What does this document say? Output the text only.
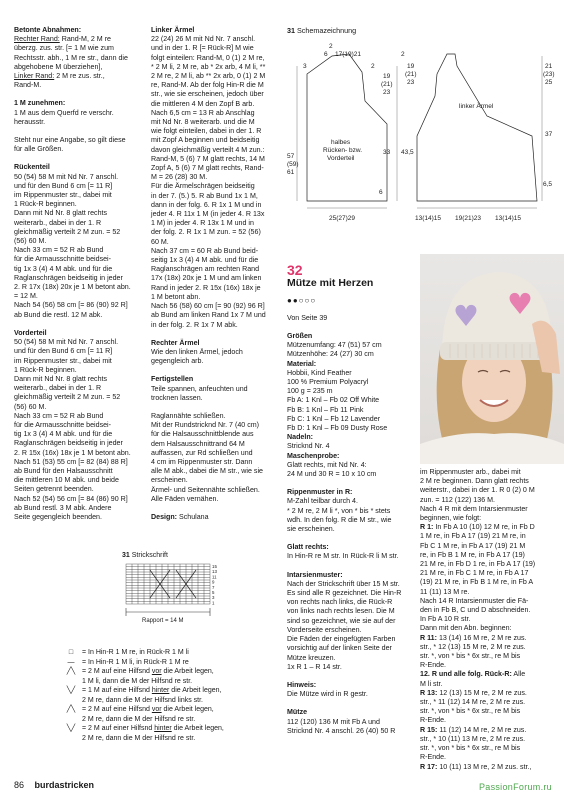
Betonte Abnahmen:
Rechter Rand: Rand-M, 2 M re
überzg. zus. str. [= 1 M wie zum
Rechtsstr. abh., 1 M re str., dann die
abgehobene M überziehen],
Linker Rand: 2 M re zus. str.,
Rand-M.
1 M zunehmen:
1 M aus dem Querfd re verschr.
herausstr.
Steht nur eine Angabe, so gilt diese
für alle Größen.
Rückenteil
50 (54) 58 M mit Nd Nr. 7 anschl.
und für den Bund 6 cm [= 11 R]
im Rippenmuster str., dabei mit
1 Rück-R beginnen.
Dann mit Nd Nr. 8 glatt rechts
weiterarb., dabei in der 1. R
gleichmäßig verteilt 2 M zun. = 52
(56) 60 M.
Nach 33 cm = 52 R ab Bund
für die Armausschnitte beidsei-
tig 1x 3 (4) 4 M abk. und für die
Raglanschrägen beidseitig in jeder
2. R 17x (18x) 20x je 1 M betont abn.
= 12 M.
Nach 54 (56) 58 cm [= 86 (90) 92 R]
ab Bund die restl. 12 M abk.
Vorderteil
50 (54) 58 M mit Nd Nr. 7 anschl.
und für den Bund 6 cm [= 11 R]
im Rippenmuster str., dabei mit
1 Rück-R beginnen.
Dann mit Nd Nr. 8 glatt rechts
weiterarb., dabei in der 1. R
gleichmäßig verteilt 2 M zun. = 52
(56) 60 M.
Nach 33 cm = 52 R ab Bund
für die Armausschnitte beidsei-
tig 1x 3 (4) 4 M abk. und für die
Raglanschrägen beidseitig in jeder
2. R 15x (16x) 18x je 1 M betont abn.
Nach 51 (53) 55 cm [= 82 (84) 88 R]
ab Bund für den Halsausschnitt
die mittleren 10 M abk. und beide
Seiten getrennt beenden.
Nach 52 (54) 56 cm [= 84 (86) 90 R]
ab Bund restl. 3 M abk. Andere
Seite gegengleich beenden.
Linker Ärmel
22 (24) 26 M mit Nd Nr. 7 anschl.
und in der 1. R [= Rück-R] M wie
folgt einteilen: Rand-M, 0 (1) 2 M re,
* 2 M li, 2 M re, ab * 2x arb, 4 M li, **
2 M re, 2 M li, ab ** 2x arb, 0 (1) 2 M
re, Rand-M. Ab der folg Hin-R die M
str., wie sie erscheinen, jedoch über
die mittleren 4 M den Zopf B arb.
Nach 6,5 cm = 13 R ab Anschlag
mit Nd Nr. 8 weiterarb. und die M
wie folgt einteilen, dabei in der 1. R
mit Zopf A beginnen und beidseitig
davon gleichmäßig verteilt 4 M zun.:
Rand-M, 5 (6) 7 M glatt rechts, 14 M
Zopf A, 5 (6) 7 M glatt rechts, Rand-
M = 26 (28) 30 M.
Für die Ärmelschrägen beidseitig
in der 7. (5.) 5. R ab Bund 1x 1 M,
dann in der folg. 6. R 1x 1 M und in
jeder 4. R 11x 1 M (in jeder 4. R 13x
1 M) in jeder 4. R 13x 1 M und in
der folg. 2. R 1x 1 M zun. = 52 (56)
60 M.
Nach 37 cm = 60 R ab Bund beid-
seitig 1x 3 (4) 4 M abk. und für die
Raglanschrägen am rechten Rand
17x (18x) 20x je 1 M und am linken
Rand in jeder 2. R 15x (16x) 18x je
1 M betont abn.
Nach 56 (58) 60 cm [= 90 (92) 96 R]
ab Bund am linken Rand 1x 7 M und
in der folg. 2. R 1x 7 M abk.
Rechter Ärmel
Wie den linken Ärmel, jedoch
gegengleich arb.
Fertigstellen
Teile spannen, anfeuchten und
trocknen lassen.
Raglannähte schließen.
Mit der Rundstricknd Nr. 7 (40 cm)
für die Halsausschnittblende aus
dem Halsausschnittrand 64 M
auffassen, zur Rd schließen und
4 cm im Rippenmuster str. Dann
alle M abk., dabei die M str., wie sie
erscheinen.
Ärmel- und Seitennähte schließen.
Alle Fäden vernähen.
Design: Schulana
31 Schemazeichnung
2
6 17(19)21
3	2
19
(21)
23
57
(59)
61
halbes
Rücken- bzw.
Vorderteil
33 43,5
6
25(27)29
2
19
(21)
23
21
(23)
25
linker Ärmel
37
6,5
13(14)15 19(21)23 13(14)15
32
Mütze mit Herzen
●●○○○
Von Seite 39
Größen
Mützenumfang: 47 (51) 57 cm
Mützenhöhe: 24 (27) 30 cm
Material:
Hobbii, Kind Feather
100 % Premium Polyacryl
100 g = 235 m
Fb A: 1 Knl – Fb 02 Off White
Fb B: 1 Knl – Fb 11 Pink
Fb C: 1 Knl – Fb 12 Lavender
Fb D: 1 Knl – Fb 09 Dusty Rose
Nadeln:
Stricknd Nr. 4
Maschenprobe:
Glatt rechts, mit Nd Nr. 4:
24 M und 30 R = 10 x 10 cm
Rippenmuster in R:
M-Zahl teilbar durch 4.
* 2 M re, 2 M li *, von * bis * stets
wdh. In den folg. R die M str., wie
sie erscheinen.
Glatt rechts:
In Hin-R re M str. In Rück-R li M str.
Intarsienmuster:
Nach der Strickschrift über 15 M str.
Es sind alle R gezeichnet. Die Hin-R
von rechts nach links, die Rück-R
von links nach rechts lesen. Die M
sind so gezeichnet, wie sie auf der
Vorderseite erscheinen.
Die Fäden der eingefügten Farben
vorsichtig auf der linken Seite der
Mütze kreuzen.
1x R 1 – R 14 str.
Hinweis:
Die Mütze wird in R gestr.
Mütze
112 (120) 136 M mit Fb A und
Stricknd Nr. 4 anschl. 26 (40) 50 R
im Rippenmuster arb., dabei mit
2 M re beginnen. Dann glatt rechts
weiterstr., dabei in der 1. R 0 (2) 0 M
zun. = 112 (122) 136 M.
Nach 4 R mit dem Intarsienmuster
beginnen, wie folgt:
R 1: In Fb A 10 (10) 12 M re, in Fb D
1 M re, in Fb A 17 (19) 21 M re, in
Fb C 1 M re, in Fb A 17 (19) 21 M
re, in Fb B 1 M re, in Fb A 17 (19)
21 M re, in Fb D 1 re, in Fb A 17 (19)
21 M re, in Fb C 1 M re, in Fb A 17
(19) 21 M re, in Fb B 1 M re, in Fb A
11 (11) 13 M re.
Nach 14 R Intarsienmuster die Fä-
den in Fb B, C und D abschneiden.
In Fb A 10 R str.
Dann mit den Abn. beginnen:
R 11: 13 (14) 16 M re, 2 M re zus.
str., * 12 (13) 15 M re, 2 M re zus.
str. *, von * bis * 6x str., re M bis
R-Ende.
12. R und alle folg. Rück-R: Alle
M li str.
R 13: 12 (13) 15 M re, 2 M re zus.
str., * 11 (12) 14 M re, 2 M re zus.
str. *, von * bis * 6x str., re M bis
R-Ende.
R 15: 11 (12) 14 M re, 2 M re zus.
str., * 10 (11) 13 M re, 2 M re zus.
str. *, von * bis * 6x str., re M bis
R-Ende.
R 17: 10 (11) 13 M re, 2 M zus. str.,
31 Strickschrift
15
13
11
9
7
5
3
1
Rapport = 14 M
□	= In Hin-R 1 M re, in Rück-R 1 M li
—	= In Hin-R 1 M li, in Rück-R 1 M re
╱╲ = 2 M auf eine Hilfsnd vor die Arbeit legen,
1 M li, dann die M der Hilfsnd re str.
╲╱ = 1 M auf eine Hilfsnd hinter die Arbeit legen,
2 M re, dann die M der Hilfsnd links str.
╱╲ = 2 M auf eine Hilfsnd vor die Arbeit legen,
2 M re, dann die M der Hilfsnd re str.
╲╱ = 2 M auf einer Hilfsnd hinter die Arbeit legen,
2 M re, dann die M der Hilfsnd re str.
86 burdastricken	PassionForum.ru
